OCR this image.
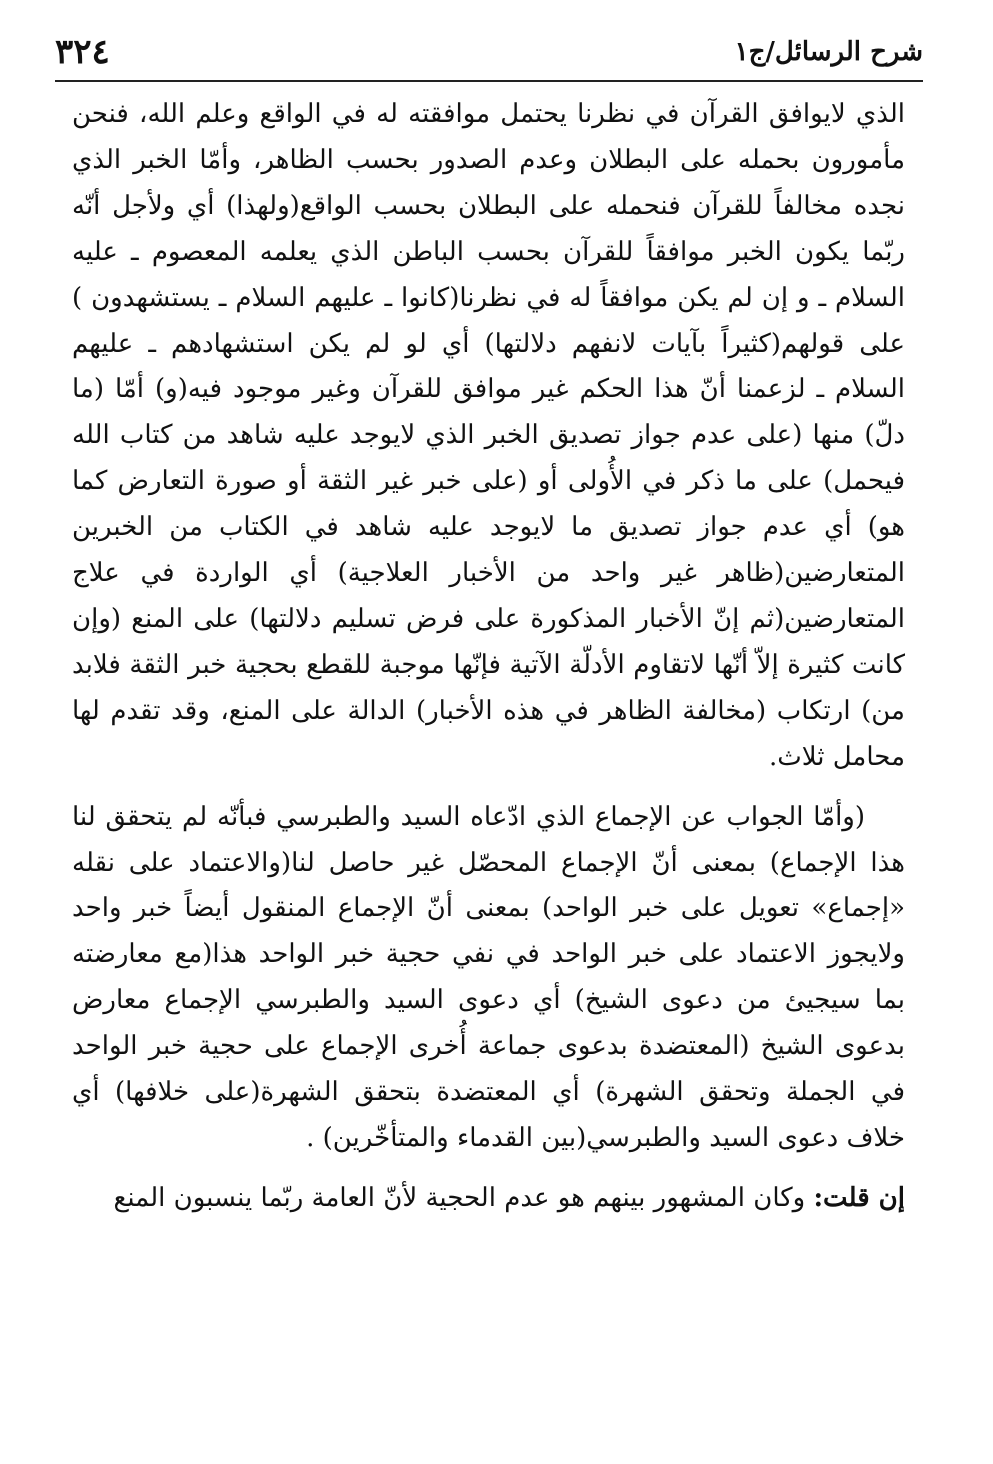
شرح الرسائل/ج١
٣٢٤

الذي لايوافق القرآن في نظرنا يحتمل موافقته له في الواقع وعلم الله، فنحن مأمورون بحمله على البطلان وعدم الصدور بحسب الظاهر، وأمّا الخبر الذي نجده مخالفاً للقرآن فنحمله على البطلان بحسب الواقع(ولهذا) أي ولأجل أنّه ربّما يكون الخبر موافقاً للقرآن بحسب الباطن الذي يعلمه المعصوم ـ عليه السلام ـ و إن لم يكن موافقاً له في نظرنا(كانوا ـ عليهم السلام ـ يستشهدون ) على قولهم(كثيراً بآيات لانفهم دلالتها) أي لو لم يكن استشهادهم ـ عليهم السلام ـ لزعمنا أنّ هذا الحكم غير موافق للقرآن وغير موجود فيه(و) أمّا (ما دلّ) منها (على عدم جواز تصديق الخبر الذي لايوجد عليه شاهد من كتاب الله فيحمل) على ما ذكر في الأُولى أو (على خبر غير الثقة أو صورة التعارض كما هو) أي عدم جواز تصديق ما لايوجد عليه شاهد في الكتاب من الخبرين المتعارضين(ظاهر غير واحد من الأخبار العلاجية) أي الواردة في علاج المتعارضين(ثم إنّ الأخبار المذكورة على فرض تسليم دلالتها) على المنع (وإن كانت كثيرة إلاّ أنّها لاتقاوم الأدلّة الآتية فإنّها موجبة للقطع بحجية خبر الثقة فلابد من) ارتكاب (مخالفة الظاهر في هذه الأخبار) الدالة على المنع، وقد تقدم لها محامل ثلاث.

(وأمّا الجواب عن الإجماع الذي ادّعاه السيد والطبرسي فبأنّه لم يتحقق لنا هذا الإجماع) بمعنى أنّ الإجماع المحصّل غير حاصل لنا(والاعتماد على نقله «إجماع» تعويل على خبر الواحد) بمعنى أنّ الإجماع المنقول أيضاً خبر واحد ولايجوز الاعتماد على خبر الواحد في نفي حجية خبر الواحد هذا(مع معارضته بما سيجيئ من دعوى الشيخ) أي دعوى السيد والطبرسي الإجماع معارض بدعوى الشيخ (المعتضدة بدعوى جماعة أُخرى الإجماع على حجية خبر الواحد في الجملة وتحقق الشهرة) أي المعتضدة بتحقق الشهرة(على خلافها) أي خلاف دعوى السيد والطبرسي(بين القدماء والمتأخّرين) .

إن قلت: وكان المشهور بينهم هو عدم الحجية لأنّ العامة ربّما ينسبون المنع
